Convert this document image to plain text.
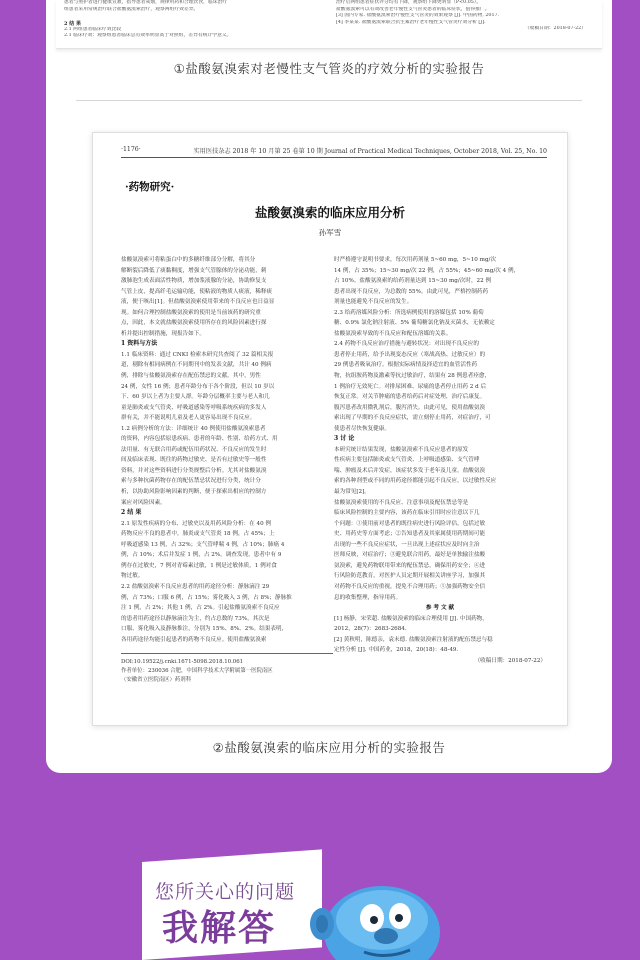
患者与照护者进行健康宣教，指导患者戒烟，规律用药和合理饮食，临床治疗
组患者采用常规治疗联合盐酸氨溴索治疗，观察两组疗效差异。

2 结 果
2.1 两组患者临床疗效比较
2.1 临床疗效：观察组患者临床总有效率明显高于对照组，差异有统计学意义。
治疗后两组患者症状评分均有下降，观察组下降更明显（P<0.05）。
盐酸氨溴索可以有效改善老年慢性支气管炎患者的临床症状，值得推广。
[3] 国内专家. 盐酸氨溴索治疗慢性支气管炎的效果观察 [J]. 中国药物, 2017.
[4] 李某某. 盐酸氨溴索联合抗生素治疗老年慢性支气管炎疗效分析 [J].
（收稿日期：2018-07-22）
①盐酸氨溴索对老慢性支气管炎的疗效分析的实验报告
·1176·	实用医技杂志 2018 年 10 月第 25 卷第 10 期 Journal of Practical Medical Techniques, October 2018, Vol. 25, No. 10
·药物研究·
盐酸氨溴索的临床应用分析
孙军雪
盐酸氨溴索可将粘蛋白中的多糖纤维部分分解，将其分
解断裂后降低了痰黏稠度，增强支气管腺体的分泌功能，刺
激肺泡生成表面活性物质，增加浆液腺的分泌，协助修复支
气管上皮，提高纤毛运输功能，使粘液的物质人痰液，稀释痰
液，便于咳出[1]。但盐酸氨溴索使用带来的不良反应也日益显
现。如何合理控制盐酸氨溴索的使用是当前该药的研究重
点，因此，本文就盐酸氨溴索使用所存在的风险因素进行探
析并提出控制措施，现报告如下。
1 资料与方法
1.1 临床资料：通过 CNKI 检索本研究共查阅了 32 篇相关报
道，剔除有相同病例在不同期刊中的发表文献，共计 40 例病
例，排除与盐酸氨溴索存在配伍禁忌的文献。其中，男性
24 例，女性 16 例；患者年龄分布于各个阶段，但以 10 岁以
下、60 岁以上者为主要人群。年龄分层概率主要与老人和儿
童是肺炎或支气管炎、呼吸道感染等呼吸系统疾病的多发人
群有关，并不能说明儿童及老人更容易出现不良反应。
1.2 病例分析的方法：详细统计 40 例使用盐酸氨溴索患者
的资料，内容包括原患疾病、患者的年龄、性别、给药方式、用
法用量、有无联合用药或配伍用药状况、不良反应的发生时
间及临床表现、既往的药物过敏史、是否有过敏史等一般性
资料，并对这些资料进行分类规整后分析。尤其对盐酸氨溴
索与多种抗菌药物存在的配伍禁忌状况进行分类，统计分
析，以协助风险影响因素的判断，便于探索出相应的控制方
案应对风险因素。
2 结 果
2.1 原发性疾病的分布、过敏史以及用药风险分析：在 40 例
药物反应不良的患者中，肺炎或支气管炎 18 例，占 45%；上
呼吸道感染 13 例，占 32%；支气管哮喘 4 例，占 10%；肺癌 4
例，占 10%；术后并发症 1 例，占 2%。调查发现，患者中有 9
例存在过敏史，7 例对青霉素过敏，1 例是过敏体质，1 例对食
物过敏。
2.2 盐酸氨溴索不良反应患者的用药途径分析：静脉滴注 29
例，占 73%；口服 6 例，占 15%；雾化吸入 3 例，占 8%；静脉推
注 1 例，占 2%；其他 1 例，占 2%。引起盐酸氨溴索不良反应
的患者用药途径以静脉滴注为主，约占总数的 73%，其次是
口服、雾化吸入及静脉推注，分别为 15%、8%、2%。结果表明，
各用药途径均能引起患者的药物不良反应。使用盐酸氨溴索
DOI:10.19522/j.cnki.1671-5098.2018.10.061
作者单位：230036 合肥，中国科学技术大学附属第一医院南区
（安徽省立医院南区）药剂科
时严格遵守说明书要求，每次用药剂量 5~60 mg，5~10 mg/次
14 例，占 35%；15~30 mg/次 22 例，占 55%；45~60 mg/次 4 例，
占 10%。盐酸氨溴索的给药剂量达到 15~30 mg/次时，22 例
患者出现不良反应，为总数的 55%。由此可见，严格控制药药
剂量也能避免不良反应的发生。
2.3 给药溶媒风险分析：所选病例使用的溶媒包括 10% 葡萄
糖、0.9% 氯化钠注射液、5% 葡萄糖氯化钠及灭菌水，无依赖定
盐酸氨溴索导致的不良反应和配伍溶媒的关系。
2.4 药物不良反应治疗措施与避转状况：对出现不良反应的
患者停止用药，给予出现变态反应（寒战高热、过敏反应）的
29 例患者吸氧治疗。根据实际病情及择适宜的血管活性药
物，抗组胺药物及激素等抗过敏治疗，结果有 28 例患者痊愈，
1 例治疗无效死亡。对排尿困难、尿痛的患者停止用药 2 d 后
恢复正常。对关节肿痛的患者给药后对症处理，治疗后康复。
腹泻患者改用微乳剂后，腹泻消失。由此可见，使用盐酸氨溴
索出现了早期的不良反应症状，需立刻停止用药，对症治疗，可
使患者尽快恢复健康。
3 讨 论
本研究统计结果发现，盐酸氨溴索不良反应患者的原发
性疾病主要包括肺炎或支气管炎、上呼吸道感染、支气管哮
喘、肿瘤及术后并发症，该症状多发于老年及儿童。盐酸氨溴
索的各种剂型或不同的用药途径都能引起不良反应，以过敏性反应
最为常见[2]。
盐酸氨溴索使用的不良反应、注意事项及配伍禁忌等是
临床风险控制的主要内容，该药在临床引用时应注意以下几
个问题：①使用前对患者的既往病史进行风险评估，包括过敏
史、用药史等方面考虑；②告知患者及其家属使用药期间可能
出现的一些不良反应症状，一旦出现上述症状应及时向主治
医师反映，对症治疗；③避免联合用药，最好是单独输注盐酸
氨溴索，避免药物联用带来的配伍禁忌，确保用药安全；④进
行风险防范教育，对医护人员定期开展相关讲座学习，加强其
对药物不良反应的重视，提免不合理用药；⑤加强药物安全信
息的收集整理，指导用药。
参 考 文 献
[1] 杨静，宋荣超. 盐酸氨溴索的临床合理使用 [J]. 中国药物，
2012，28(7)：2683-2684.
[2] 黄秋明，陈德亲，袁未德. 盐酸氨溴索注射液的配伍禁忌与稳
定性分析 [J]. 中国药业，2018，20(18)：48-49.
（收稿日期：2018-07-22）
②盐酸氨溴索的临床应用分析的实验报告
您所关心的问题
我解答
